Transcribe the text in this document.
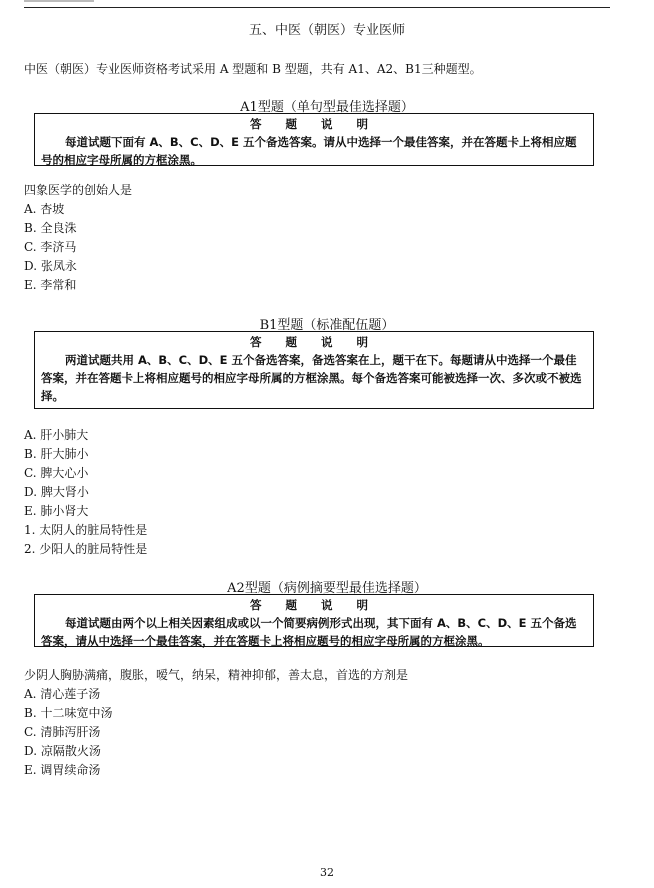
五、中医（朝医）专业医师
中医（朝医）专业医师资格考试采用 A 型题和 B 型题，共有 A1、A2、B1三种题型。
A1型题（单句型最佳选择题）
答 题 说 明
每道试题下面有 A、B、C、D、E 五个备选答案。请从中选择一个最佳答案，并在答题卡上将相应题号的相应字母所属的方框涂黑。
四象医学的创始人是
A. 杏坡
B. 全良洙
C. 李济马
D. 张凤永
E. 李常和
B1型题（标准配伍题）
答 题 说 明
两道试题共用 A、B、C、D、E 五个备选答案，备选答案在上，题干在下。每题请从中选择一个最佳答案，并在答题卡上将相应题号的相应字母所属的方框涂黑。每个备选答案可能被选择一次、多次或不被选择。
A. 肝小肺大
B. 肝大肺小
C. 脾大心小
D. 脾大肾小
E. 肺小肾大
1. 太阴人的脏局特性是
2. 少阳人的脏局特性是
A2型题（病例摘要型最佳选择题）
答 题 说 明
每道试题由两个以上相关因素组成或以一个简要病例形式出现，其下面有 A、B、C、D、E 五个备选答案，请从中选择一个最佳答案，并在答题卡上将相应题号的相应字母所属的方框涂黑。
少阴人胸胁满痛，腹胀，嗳气，纳呆，精神抑郁，善太息，首选的方剂是
A. 清心莲子汤
B. 十二味宽中汤
C. 清肺泻肝汤
D. 凉隔散火汤
E. 调胃续命汤
32
